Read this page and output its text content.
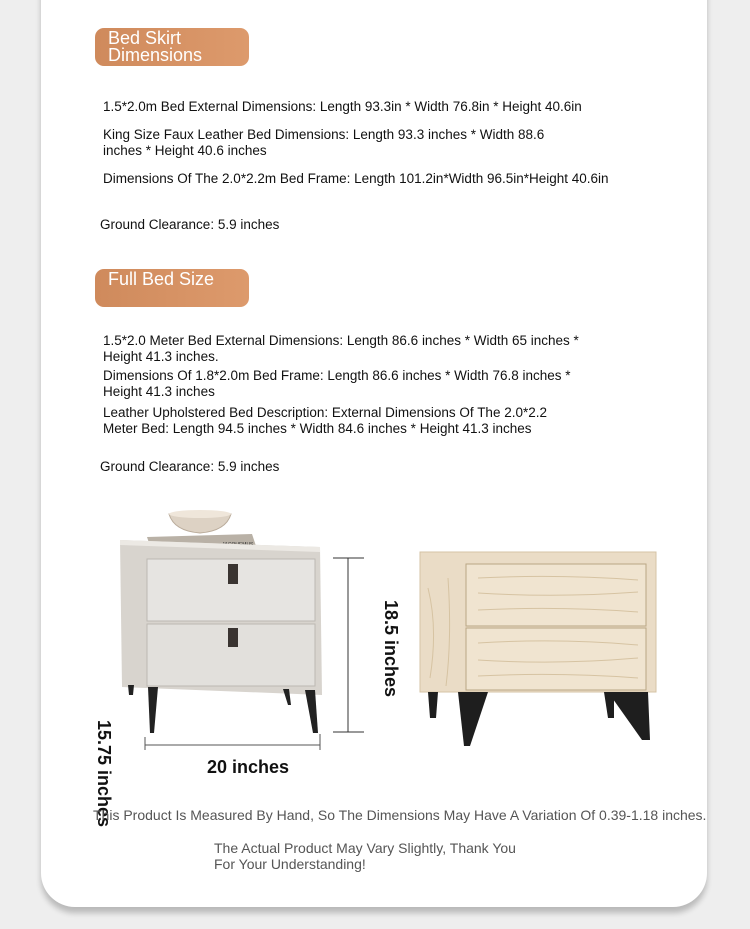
Bed Skirt Dimensions
1.5*2.0m Bed External Dimensions: Length 93.3in * Width 76.8in * Height 40.6in
King Size Faux Leather Bed Dimensions: Length 93.3 inches * Width 88.6 inches * Height 40.6 inches
Dimensions Of The 2.0*2.2m Bed Frame: Length 101.2in*Width 96.5in*Height 40.6in
Ground Clearance: 5.9 inches
Full Bed Size
1.5*2.0 Meter Bed External Dimensions: Length 86.6 inches * Width 65 inches * Height 41.3 inches.
Dimensions Of 1.8*2.0m Bed Frame: Length 86.6 inches * Width 76.8 inches * Height 41.3 inches
Leather Upholstered Bed Description: External Dimensions Of The 2.0*2.2 Meter Bed: Length 94.5 inches * Width 84.6 inches * Height 41.3 inches
Ground Clearance: 5.9 inches
18.5 inches
20 inches
15.75 inches
This Product Is Measured By Hand, So The Dimensions May Have A Variation Of 0.39-1.18 inches.
The Actual Product May Vary Slightly, Thank You For Your Understanding!
